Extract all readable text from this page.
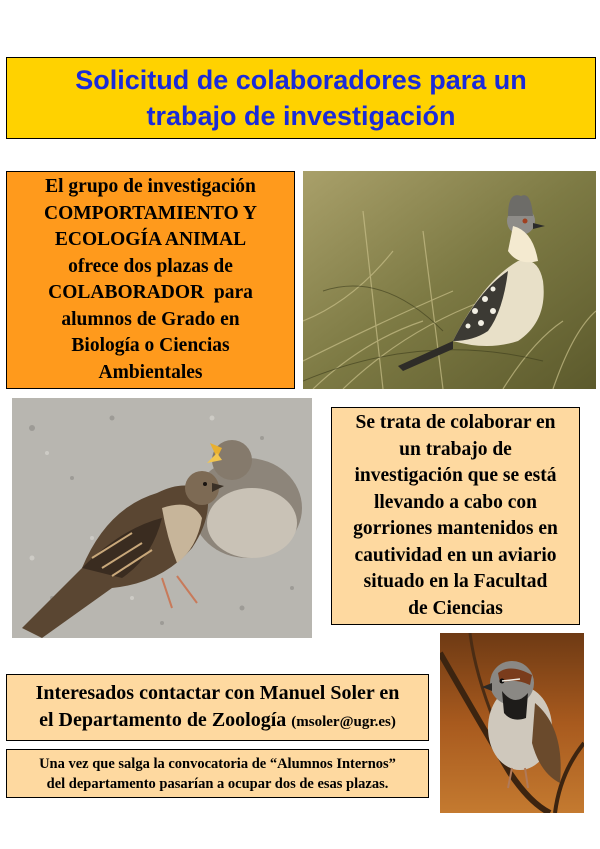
Solicitud de colaboradores para un
trabajo de investigación
El grupo de investigación
COMPORTAMIENTO Y
ECOLOGÍA ANIMAL
ofrece dos plazas de
COLABORADOR  para
alumnos de Grado en
Biología o Ciencias
Ambientales
Se trata de colaborar en
un trabajo de
investigación que se está
llevando a cabo con
gorriones mantenidos en
cautividad en un aviario
situado en la Facultad
de Ciencias
Interesados contactar con Manuel Soler en
el Departamento de Zoología (msoler@ugr.es)
Una vez que salga la convocatoria de “Alumnos Internos”
del departamento pasarían a ocupar dos de esas plazas.
